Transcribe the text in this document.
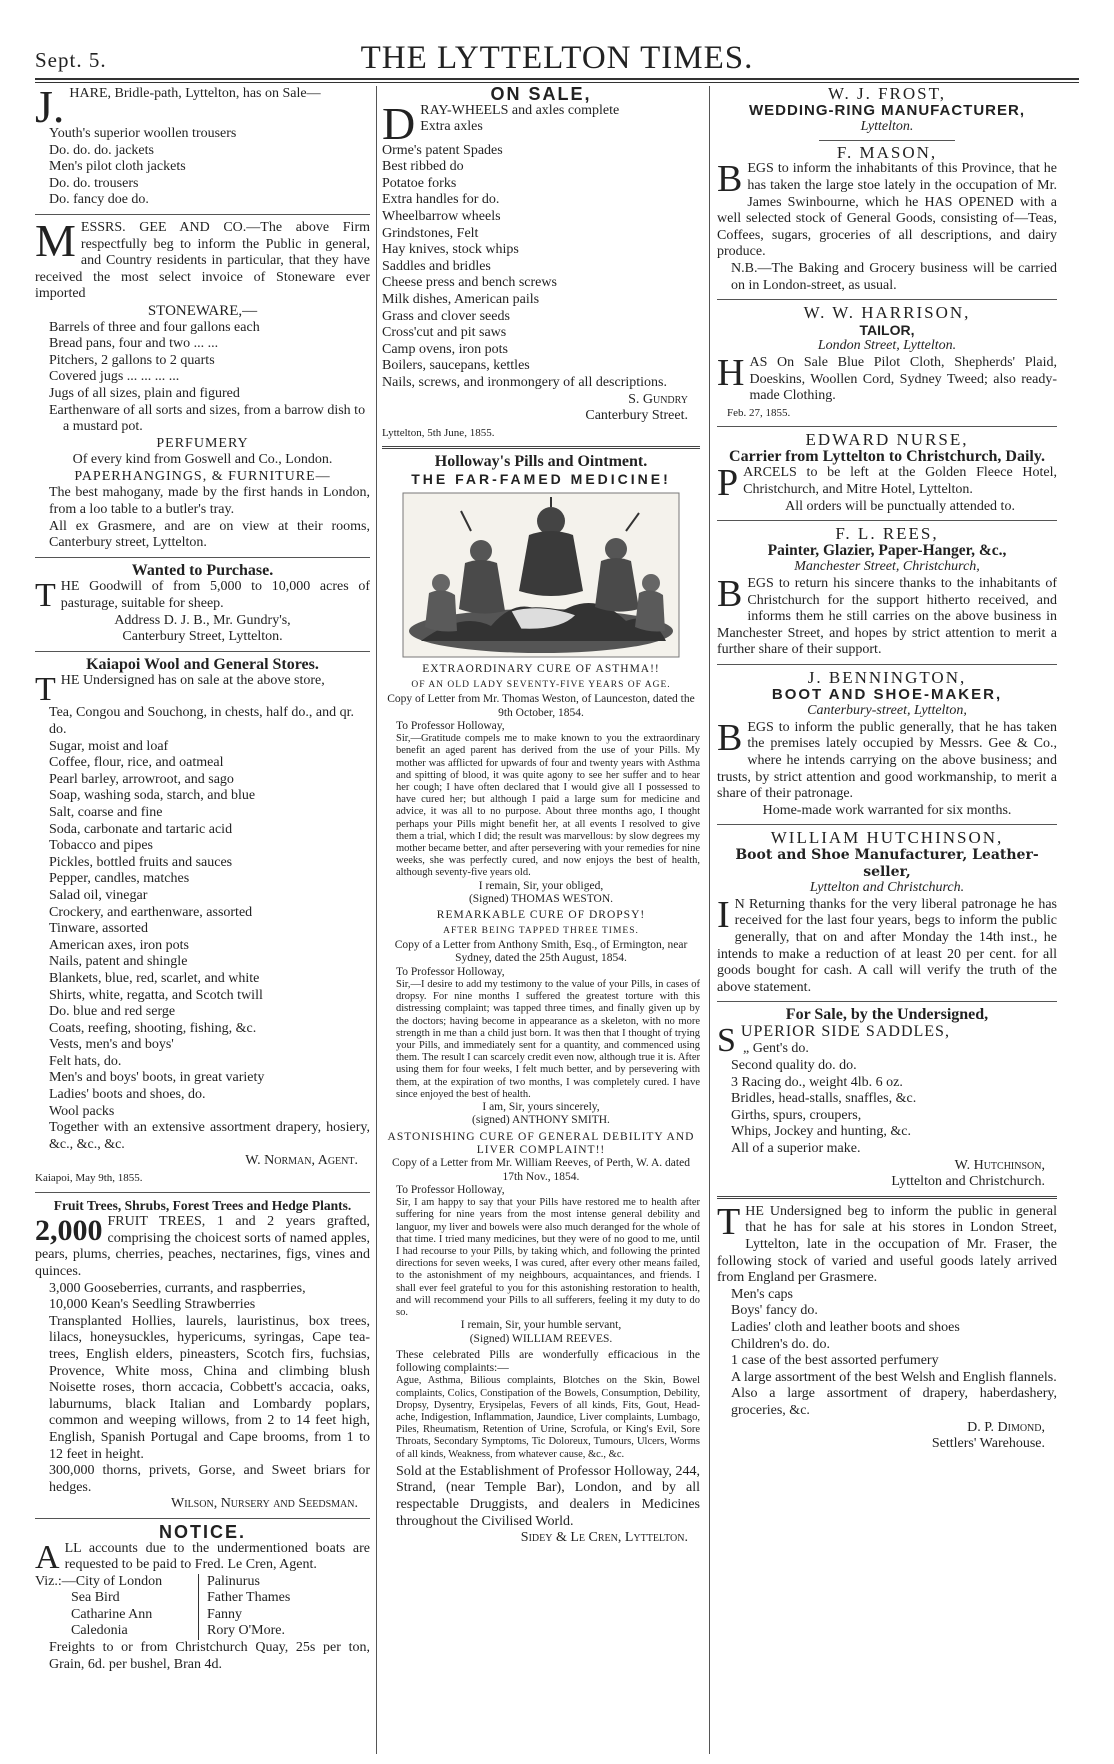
Sept. 5.	THE LYTTELTON TIMES.

J. HARE, Bridle-path, Lyttelton, has on Sale—

Youth's superior woollen trousers
Do. do. do. jackets
Men's pilot cloth jackets
Do. do. trousers
Do. fancy doe do.

MESSRS. GEE AND CO.—The above Firm respectfully beg to inform the Public in general, and Country residents in particular, that they have received the most select invoice of Stoneware ever imported

STONEWARE,—
Barrels of three and four gallons each
Bread pans, four and two ... ...
Pitchers, 2 gallons to 2 quarts
Covered jugs ... ... ... ...
Jugs of all sizes, plain and figured
Earthenware of all sorts and sizes, from a barrow dish to a mustard pot.
PERFUMERY
Of every kind from Goswell and Co., London.
PAPERHANGINGS, & FURNITURE—

The best mahogany, made by the first hands in London, from a loo table to a butler's tray.

All ex Grasmere, and are on view at their rooms, Canterbury street, Lyttelton.

Wanted to Purchase.

THE Goodwill of from 5,000 to 10,000 acres of pasturage, suitable for sheep.

Address D. J. B., Mr. Gundry's,
Canterbury Street, Lyttelton.
Kaiapoi Wool and General Stores.

THE Undersigned has on sale at the above store,

Tea, Congou and Souchong, in chests, half do., and qr. do.
Sugar, moist and loaf
Coffee, flour, rice, and oatmeal
Pearl barley, arrowroot, and sago
Soap, washing soda, starch, and blue
Salt, coarse and fine
Soda, carbonate and tartaric acid
Tobacco and pipes
Pickles, bottled fruits and sauces
Pepper, candles, matches
Salad oil, vinegar
Crockery, and earthenware, assorted
Tinware, assorted
American axes, iron pots
Nails, patent and shingle
Blankets, blue, red, scarlet, and white
Shirts, white, regatta, and Scotch twill
Do. blue and red serge
Coats, reefing, shooting, fishing, &c.
Vests, men's and boys'
Felt hats, do.
Men's and boys' boots, in great variety
Ladies' boots and shoes, do.
Wool packs

Together with an extensive assortment drapery, hosiery, &c., &c., &c.

W. Norman, Agent.
Kaiapoi, May 9th, 1855.
Fruit Trees, Shrubs, Forest Trees and Hedge Plants.

2,000 FRUIT TREES, 1 and 2 years grafted, comprising the choicest sorts of named apples, pears, plums, cherries, peaches, nectarines, figs, vines and quinces.

3,000 Gooseberries, currants, and raspberries,

10,000 Kean's Seedling Strawberries

Transplanted Hollies, laurels, lauristinus, box trees, lilacs, honeysuckles, hypericums, syringas, Cape tea-trees, English elders, pineasters, Scotch firs, fuchsias, Provence, White moss, China and climbing blush Noisette roses, thorn accacia, Cobbett's accacia, oaks, laburnums, black Italian and Lombardy poplars, common and weeping willows, from 2 to 14 feet high, English, Spanish Portugal and Cape brooms, from 1 to 12 feet in height.

300,000 thorns, privets, Gorse, and Sweet briars for hedges.

Wilson, Nursery and Seedsman.
NOTICE.

ALL accounts due to the undermentioned boats are requested to be paid to Fred. Le Cren, Agent.

Viz.:—City of London
Sea Bird
Catharine Ann
Caledonia
Palinurus
Father Thames
Fanny
Rory O'More.

Freights to or from Christchurch Quay, 25s per ton, Grain, 6d. per bushel, Bran 4d.

ON SALE,

DRAY-WHEELS and axles complete

Extra axles
Orme's patent Spades
Best ribbed do
Potatoe forks
Extra handles for do.
Wheelbarrow wheels
Grindstones, Felt
Hay knives, stock whips
Saddles and bridles
Cheese press and bench screws
Milk dishes, American pails
Grass and clover seeds
Cross'cut and pit saws
Camp ovens, iron pots
Boilers, saucepans, kettles
Nails, screws, and ironmongery of all descriptions.
S. Gundry
Canterbury Street.
Lyttelton, 5th June, 1855.
Holloway's Pills and Ointment.
THE FAR-FAMED MEDICINE!
EXTRAORDINARY CURE OF ASTHMA!!
OF AN OLD LADY SEVENTY-FIVE YEARS OF AGE.
Copy of Letter from Mr. Thomas Weston, of Launceston, dated the 9th October, 1854.
To Professor Holloway,

Sir,—Gratitude compels me to make known to you the extraordinary benefit an aged parent has derived from the use of your Pills. My mother was afflicted for upwards of four and twenty years with Asthma and spitting of blood, it was quite agony to see her suffer and to hear her cough; I have often declared that I would give all I possessed to have cured her; but although I paid a large sum for medicine and advice, it was all to no purpose. About three months ago, I thought perhaps your Pills might benefit her, at all events I resolved to give them a trial, which I did; the result was marvellous: by slow degrees my mother became better, and after persevering with your remedies for nine weeks, she was perfectly cured, and now enjoys the best of health, although seventy-five years old.

I remain, Sir, your obliged,
(Signed) THOMAS WESTON.
REMARKABLE CURE OF DROPSY!
AFTER BEING TAPPED THREE TIMES.
Copy of a Letter from Anthony Smith, Esq., of Ermington, near Sydney, dated the 25th August, 1854.
To Professor Holloway,

Sir,—I desire to add my testimony to the value of your Pills, in cases of dropsy. For nine months I suffered the greatest torture with this distressing complaint; was tapped three times, and finally given up by the doctors; having become in appearance as a skeleton, with no more strength in me than a child just born. It was then that I thought of trying your Pills, and immediately sent for a quantity, and commenced using them. The result I can scarcely credit even now, although true it is. After using them for four weeks, I felt much better, and by persevering with them, at the expiration of two months, I was completely cured. I have since enjoyed the best of health.

I am, Sir, yours sincerely,
(signed) ANTHONY SMITH.
ASTONISHING CURE OF GENERAL DEBILITY AND LIVER COMPLAINT!!
Copy of a Letter from Mr. William Reeves, of Perth, W. A. dated 17th Nov., 1854.
To Professor Holloway,

Sir, I am happy to say that your Pills have restored me to health after suffering for nine years from the most intense general debility and languor, my liver and bowels were also much deranged for the whole of that time. I tried many medicines, but they were of no good to me, until I had recourse to your Pills, by taking which, and following the printed directions for seven weeks, I was cured, after every other means failed, to the astonishment of my neighbours, acquaintances, and friends. I shall ever feel grateful to you for this astonishing restoration to health, and will recommend your Pills to all sufferers, feeling it my duty to do so.

I remain, Sir, your humble servant,
(Signed) WILLIAM REEVES.

These celebrated Pills are wonderfully efficacious in the following complaints:—

Ague, Asthma, Bilious complaints, Blotches on the Skin, Bowel complaints, Colics, Constipation of the Bowels, Consumption, Debility, Dropsy, Dysentry, Erysipelas, Fevers of all kinds, Fits, Gout, Head-ache, Indigestion, Inflammation, Jaundice, Liver complaints, Lumbago, Piles, Rheumatism, Retention of Urine, Scrofula, or King's Evil, Sore Throats, Secondary Symptoms, Tic Doloreux, Tumours, Ulcers, Worms of all kinds, Weakness, from whatever cause, &c., &c.

Sold at the Establishment of Professor Holloway, 244, Strand, (near Temple Bar), London, and by all respectable Druggists, and dealers in Medicines throughout the Civilised World.

Sidey & Le Cren, Lyttelton.
W. J. FROST,
WEDDING-RING MANUFACTURER,
Lyttelton.
F. MASON,

BEGS to inform the inhabitants of this Province, that he has taken the large stoe lately in the occupation of Mr. James Swinbourne, which he HAS OPENED with a well selected stock of General Goods, consisting of—Teas, Coffees, sugars, groceries of all descriptions, and dairy produce.

N.B.—The Baking and Grocery business will be carried on in London-street, as usual.

W. W. HARRISON,
TAILOR,
London Street, Lyttelton.

HAS On Sale Blue Pilot Cloth, Shepherds' Plaid, Doeskins, Woollen Cord, Sydney Tweed; also ready-made Clothing.

Feb. 27, 1855.
EDWARD NURSE,
Carrier from Lyttelton to Christchurch, Daily.

PARCELS to be left at the Golden Fleece Hotel, Christchurch, and Mitre Hotel, Lyttelton.

All orders will be punctually attended to.
F. L. REES,
Painter, Glazier, Paper-Hanger, &c.,
Manchester Street, Christchurch,

BEGS to return his sincere thanks to the inhabitants of Christchurch for the support hitherto received, and informs them he still carries on the above business in Manchester Street, and hopes by strict attention to merit a further share of their support.

J. BENNINGTON,
BOOT AND SHOE-MAKER,
Canterbury-street, Lyttelton,

BEGS to inform the public generally, that he has taken the premises lately occupied by Messrs. Gee & Co., where he intends carrying on the above business; and trusts, by strict attention and good workmanship, to merit a share of their patronage.

Home-made work warranted for six months.
WILLIAM HUTCHINSON,
Boot and Shoe Manufacturer, Leather-seller,
Lyttelton and Christchurch.

I N Returning thanks for the very liberal patronage he has received for the last four years, begs to inform the public generally, that on and after Monday the 14th inst., he intends to make a reduction of at least 20 per cent. for all goods bought for cash. A call will verify the truth of the above statement.

For Sale, by the Undersigned,

SUPERIOR SIDE SADDLES,

„ Gent's do.
Second quality do. do.
3 Racing do., weight 4lb. 6 oz.
Bridles, head-stalls, snaffles, &c.
Girths, spurs, croupers,
Whips, Jockey and hunting, &c.
All of a superior make.
W. Hutchinson,
Lyttelton and Christchurch.

THE Undersigned beg to inform the public in general that he has for sale at his stores in London Street, Lyttelton, late in the occupation of Mr. Fraser, the following stock of varied and useful goods lately arrived from England per Grasmere.

Men's caps
Boys' fancy do.
Ladies' cloth and leather boots and shoes
Children's do. do.
1 case of the best assorted perfumery

A large assortment of the best Welsh and English flannels.

Also a large assortment of drapery, haberdashery, groceries, &c.

D. P. Dimond,
Settlers' Warehouse.
